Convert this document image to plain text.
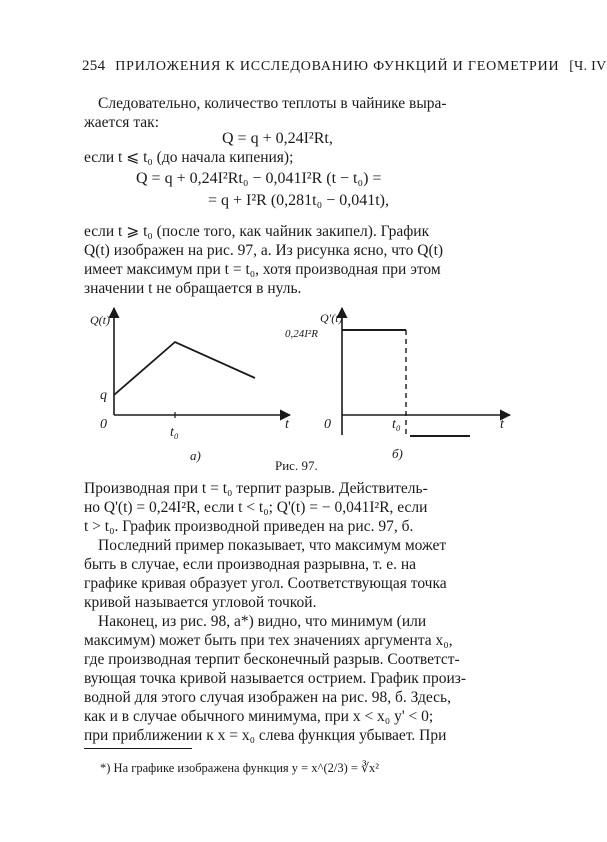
254 ПРИЛОЖЕНИЯ К ИССЛЕДОВАНИЮ ФУНКЦИЙ И ГЕОМЕТРИИ [Ч. IV
Следовательно, количество теплоты в чайнике выра-
жается так:
Q = q + 0,24I²Rt,
если t ⩽ t₀ (до начала кипения);
Q = q + 0,24I²Rt₀ − 0,041I²R (t − t₀) =
= q + I²R (0,281t₀ − 0,041t),
если t ⩾ t₀ (после того, как чайник закипел). График
Q(t) изображен на рис. 97, а. Из рисунка ясно, что Q(t)
имеет максимум при t = t₀, хотя производная при этом
значении t не обращается в нуль.
Q(t)
q
0
t₀
t
а)
Q'(t)
0,24I²R
0	t₀	t
б)
Рис. 97.
Производная при t = t₀ терпит разрыв. Действитель-
но Q'(t) = 0,24I²R, если t < t₀; Q'(t) = − 0,041I²R, если
t > t₀. График производной приведен на рис. 97, б.
Последний пример показывает, что максимум может
быть в случае, если производная разрывна, т. е. на
графике кривая образует угол. Соответствующая точка
кривой называется угловой точкой.
Наконец, из рис. 98, а*) видно, что минимум (или
максимум) может быть при тех значениях аргумента x₀,
где производная терпит бесконечный разрыв. Соответст-
вующая точка кривой называется острием. График произ-
водной для этого случая изображен на рис. 98, б. Здесь,
как и в случае обычного минимума, при x < x₀ y' < 0;
*) На графике изображена функция y = x^(2/3) = ∛x²
при приближении к x = x₀ слева функция убывает. При
